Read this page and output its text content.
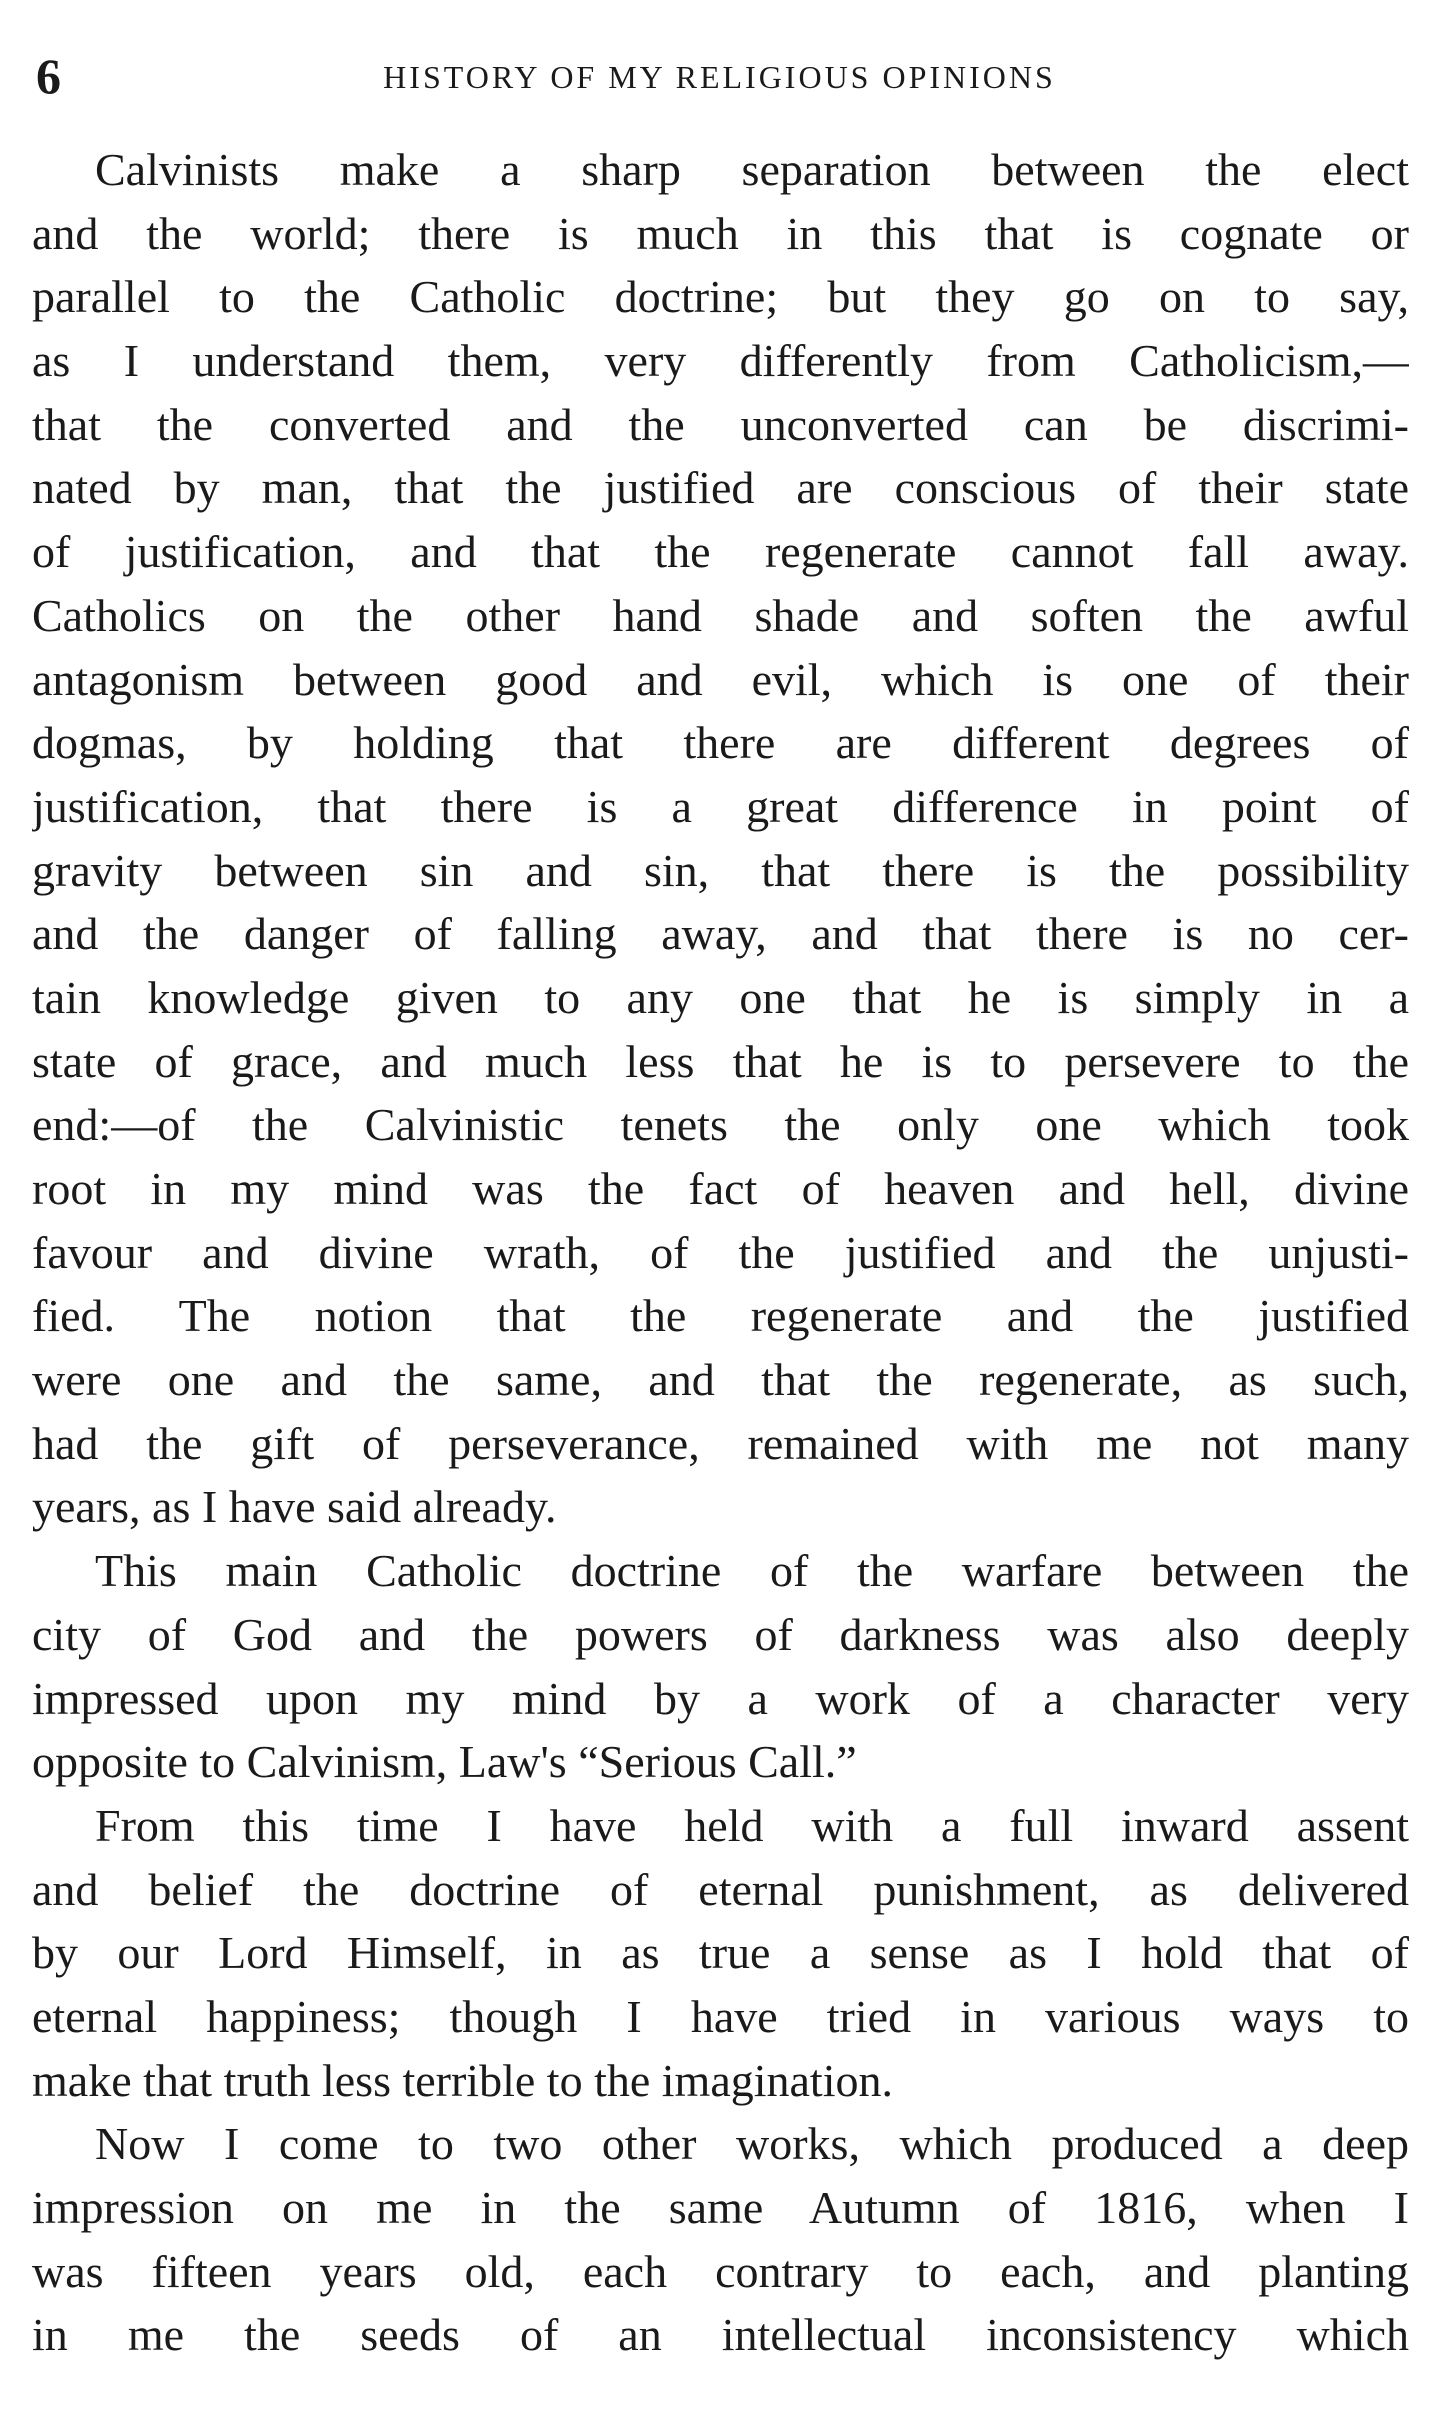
6	HISTORY OF MY RELIGIOUS OPINIONS
Calvinists make a sharp separation between the elect
and the world; there is much in this that is cognate or
parallel to the Catholic doctrine; but they go on to say,
as I understand them, very differently from Catholicism,—
that the converted and the unconverted can be discrimi-
nated by man, that the justified are conscious of their state
of justification, and that the regenerate cannot fall away.
Catholics on the other hand shade and soften the awful
antagonism between good and evil, which is one of their
dogmas, by holding that there are different degrees of
justification, that there is a great difference in point of
gravity between sin and sin, that there is the possibility
and the danger of falling away, and that there is no cer-
tain knowledge given to any one that he is simply in a
state of grace, and much less that he is to persevere to the
end:—of the Calvinistic tenets the only one which took
root in my mind was the fact of heaven and hell, divine
favour and divine wrath, of the justified and the unjusti-
fied. The notion that the regenerate and the justified
were one and the same, and that the regenerate, as such,
had the gift of perseverance, remained with me not many
years, as I have said already.
This main Catholic doctrine of the warfare between the
city of God and the powers of darkness was also deeply
impressed upon my mind by a work of a character very
opposite to Calvinism, Law's “Serious Call.”
From this time I have held with a full inward assent
and belief the doctrine of eternal punishment, as delivered
by our Lord Himself, in as true a sense as I hold that of
eternal happiness; though I have tried in various ways to
make that truth less terrible to the imagination.
Now I come to two other works, which produced a deep
impression on me in the same Autumn of 1816, when I
was fifteen years old, each contrary to each, and planting
in me the seeds of an intellectual inconsistency which
